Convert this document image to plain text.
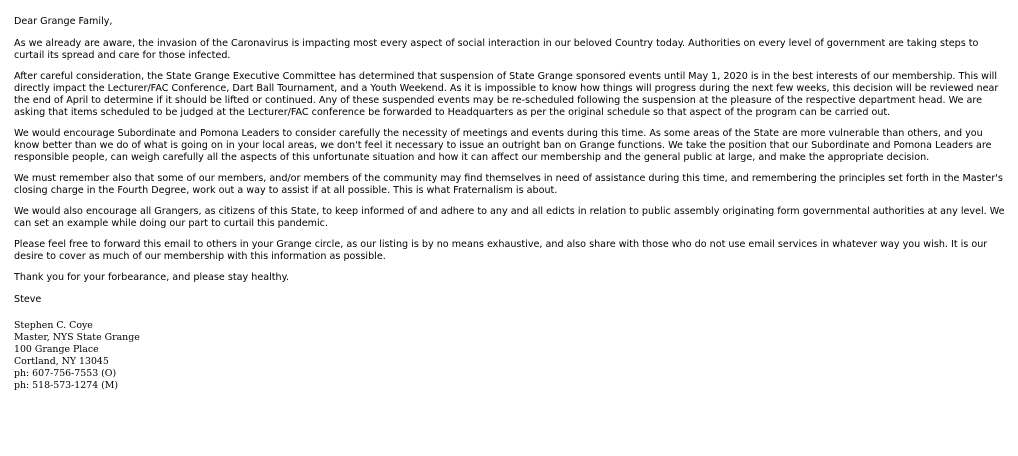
Dear Grange Family,

As we already are aware, the invasion of the Caronavirus is impacting most every aspect of social interaction in our beloved Country today. Authorities on every level of government are taking steps to curtail its spread and care for those infected.

After careful consideration, the State Grange Executive Committee has determined that suspension of State Grange sponsored events until May 1, 2020 is in the best interests of our membership. This will directly impact the Lecturer/FAC Conference, Dart Ball Tournament, and a Youth Weekend. As it is impossible to know how things will progress during the next few weeks, this decision will be reviewed near the end of April to determine if it should be lifted or continued. Any of these suspended events may be re-scheduled following the suspension at the pleasure of the respective department head. We are asking that items scheduled to be judged at the Lecturer/FAC conference be forwarded to Headquarters as per the original schedule so that aspect of the program can be carried out.

We would encourage Subordinate and Pomona Leaders to consider carefully the necessity of meetings and events during this time. As some areas of the State are more vulnerable than others, and you know better than we do of what is going on in your local areas, we don't feel it necessary to issue an outright ban on Grange functions. We take the position that our Subordinate and Pomona Leaders are responsible people, can weigh carefully all the aspects of this unfortunate situation and how it can affect our membership and the general public at large, and make the appropriate decision.

We must remember also that some of our members, and/or members of the community may find themselves in need of assistance during this time, and remembering the principles set forth in the Master's closing charge in the Fourth Degree, work out a way to assist if at all possible. This is what Fraternalism is about.

We would also encourage all Grangers, as citizens of this State, to keep informed of and adhere to any and all edicts in relation to public assembly originating form governmental authorities at any level. We can set an example while doing our part to curtail this pandemic.

Please feel free to forward this email to others in your Grange circle, as our listing is by no means exhaustive, and also share with those who do not use email services in whatever way you wish. It is our desire to cover as much of our membership with this information as possible.

Thank you for your forbearance, and please stay healthy.

Steve

Stephen C. Coye
Master, NYS State Grange
100 Grange Place
Cortland, NY 13045
ph: 607-756-7553 (O)
ph: 518-573-1274 (M)
